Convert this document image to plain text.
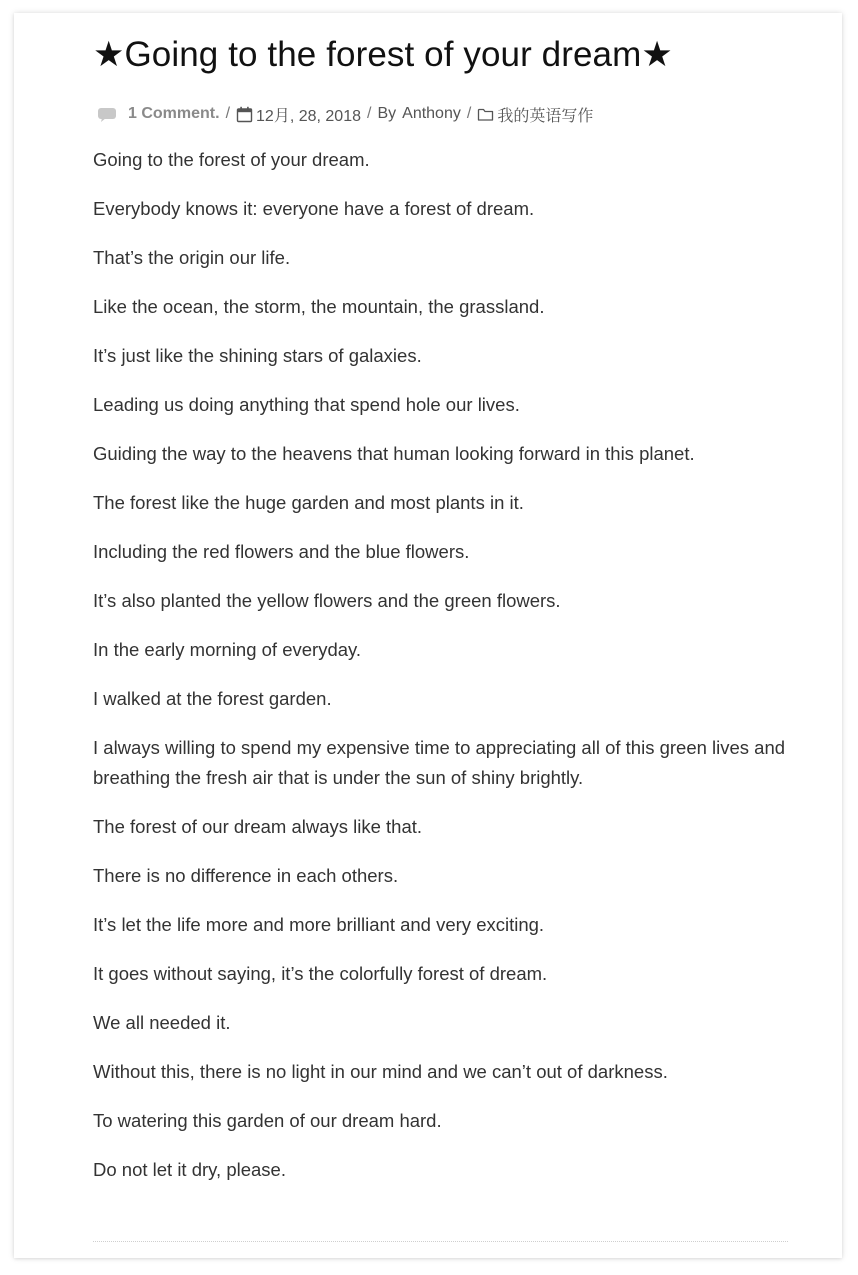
★Going to the forest of your dream★
1 Comment. / 12月, 28, 2018 / By Anthony / 我的英语写作

Going to the forest of your dream.

Everybody knows it: everyone have a forest of dream.

That’s the origin our life.

Like the ocean, the storm, the mountain, the grassland.

It’s just like the shining stars of galaxies.

Leading us doing anything that spend hole our lives.

Guiding the way to the heavens that human looking forward in this planet.

The forest like the huge garden and most plants in it.

Including the red flowers and the blue flowers.

It’s also planted the yellow flowers and the green flowers.

In the early morning of everyday.

I walked at the forest garden.

I always willing to spend my expensive time to appreciating all of this green lives and breathing the fresh air that is under the sun of shiny brightly.

The forest of our dream always like that.

There is no difference in each others.

It’s let the life more and more brilliant and very exciting.

It goes without saying, it’s the colorfully forest of dream.

We all needed it.

Without this, there is no light in our mind and we can’t out of darkness.

To watering this garden of our dream hard.

Do not let it dry, please.
